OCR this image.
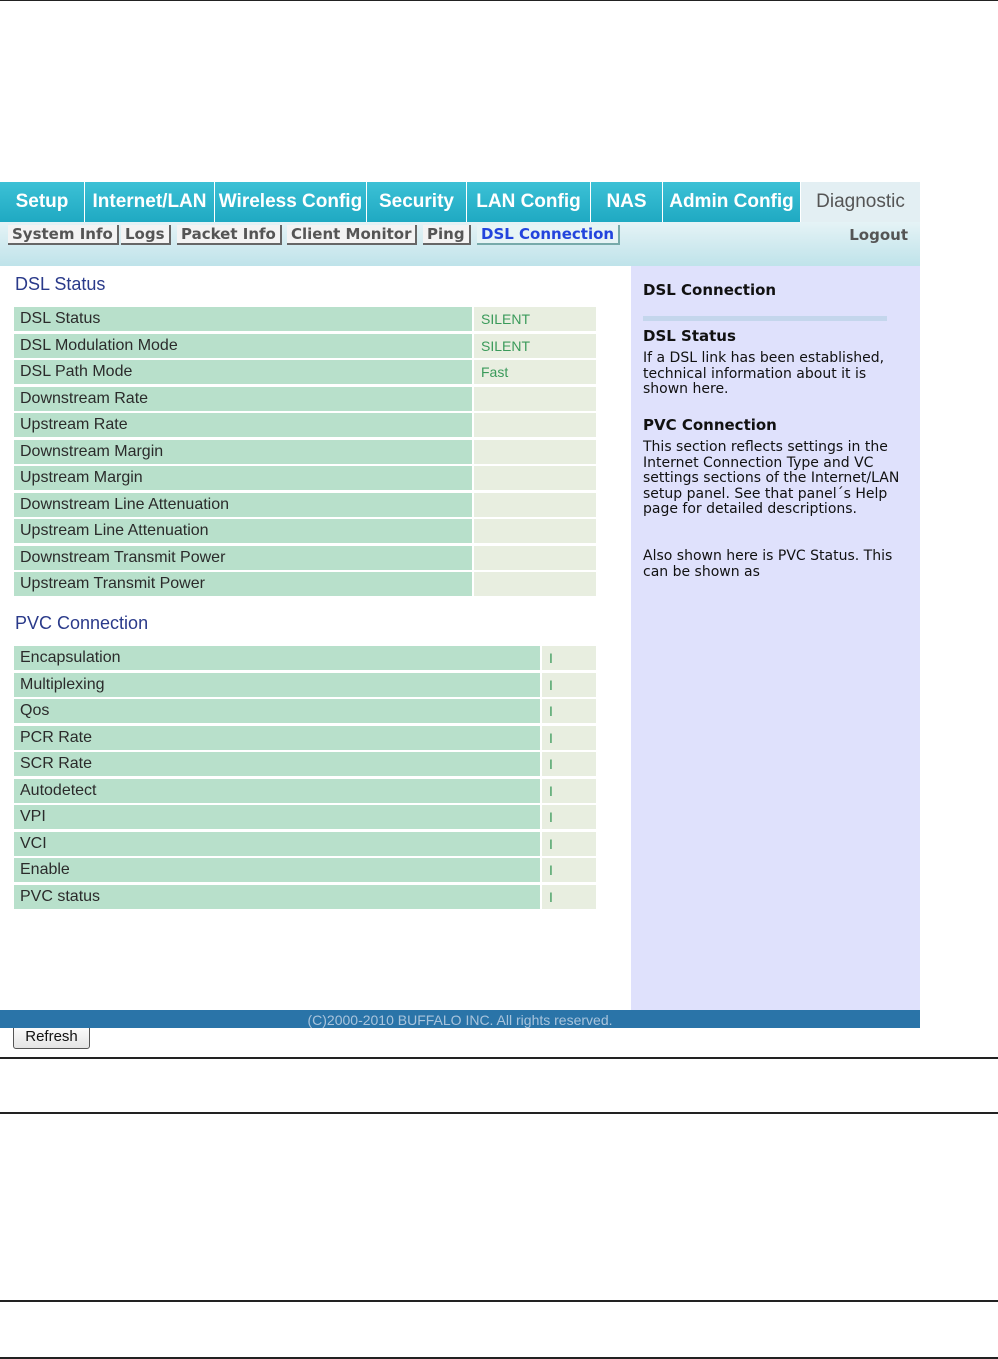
Setup	Internet/LAN Wireless Config Security	LAN Config	NAS	Admin Config	Diagnostic
System Info Logs	Packet Info	Client Monitor	Ping	DSL Connection	Logout
DSL Status
DSL Status	SILENT
DSL Modulation Mode	SILENT
DSL Path Mode	Fast
Downstream Rate
Upstream Rate
Downstream Margin
Upstream Margin
Downstream Line Attenuation
Upstream Line Attenuation
Downstream Transmit Power
Upstream Transmit Power
PVC Connection
Encapsulation	I
Multiplexing	I
Qos	I
PCR Rate	I
SCR Rate	I
Autodetect	I
VPI	I
VCI	I
Enable	I
PVC status	I
Refresh
DSL Connection
DSL Status
If a DSL link has been established, technical information about it is shown here.
PVC Connection
This section reflects settings in the Internet Connection Type and VC settings sections of the Internet/LAN setup panel. See that panel´s Help page for detailed descriptions.
Also shown here is PVC Status. This can be shown as
(C)2000-2010 BUFFALO INC. All rights reserved.
